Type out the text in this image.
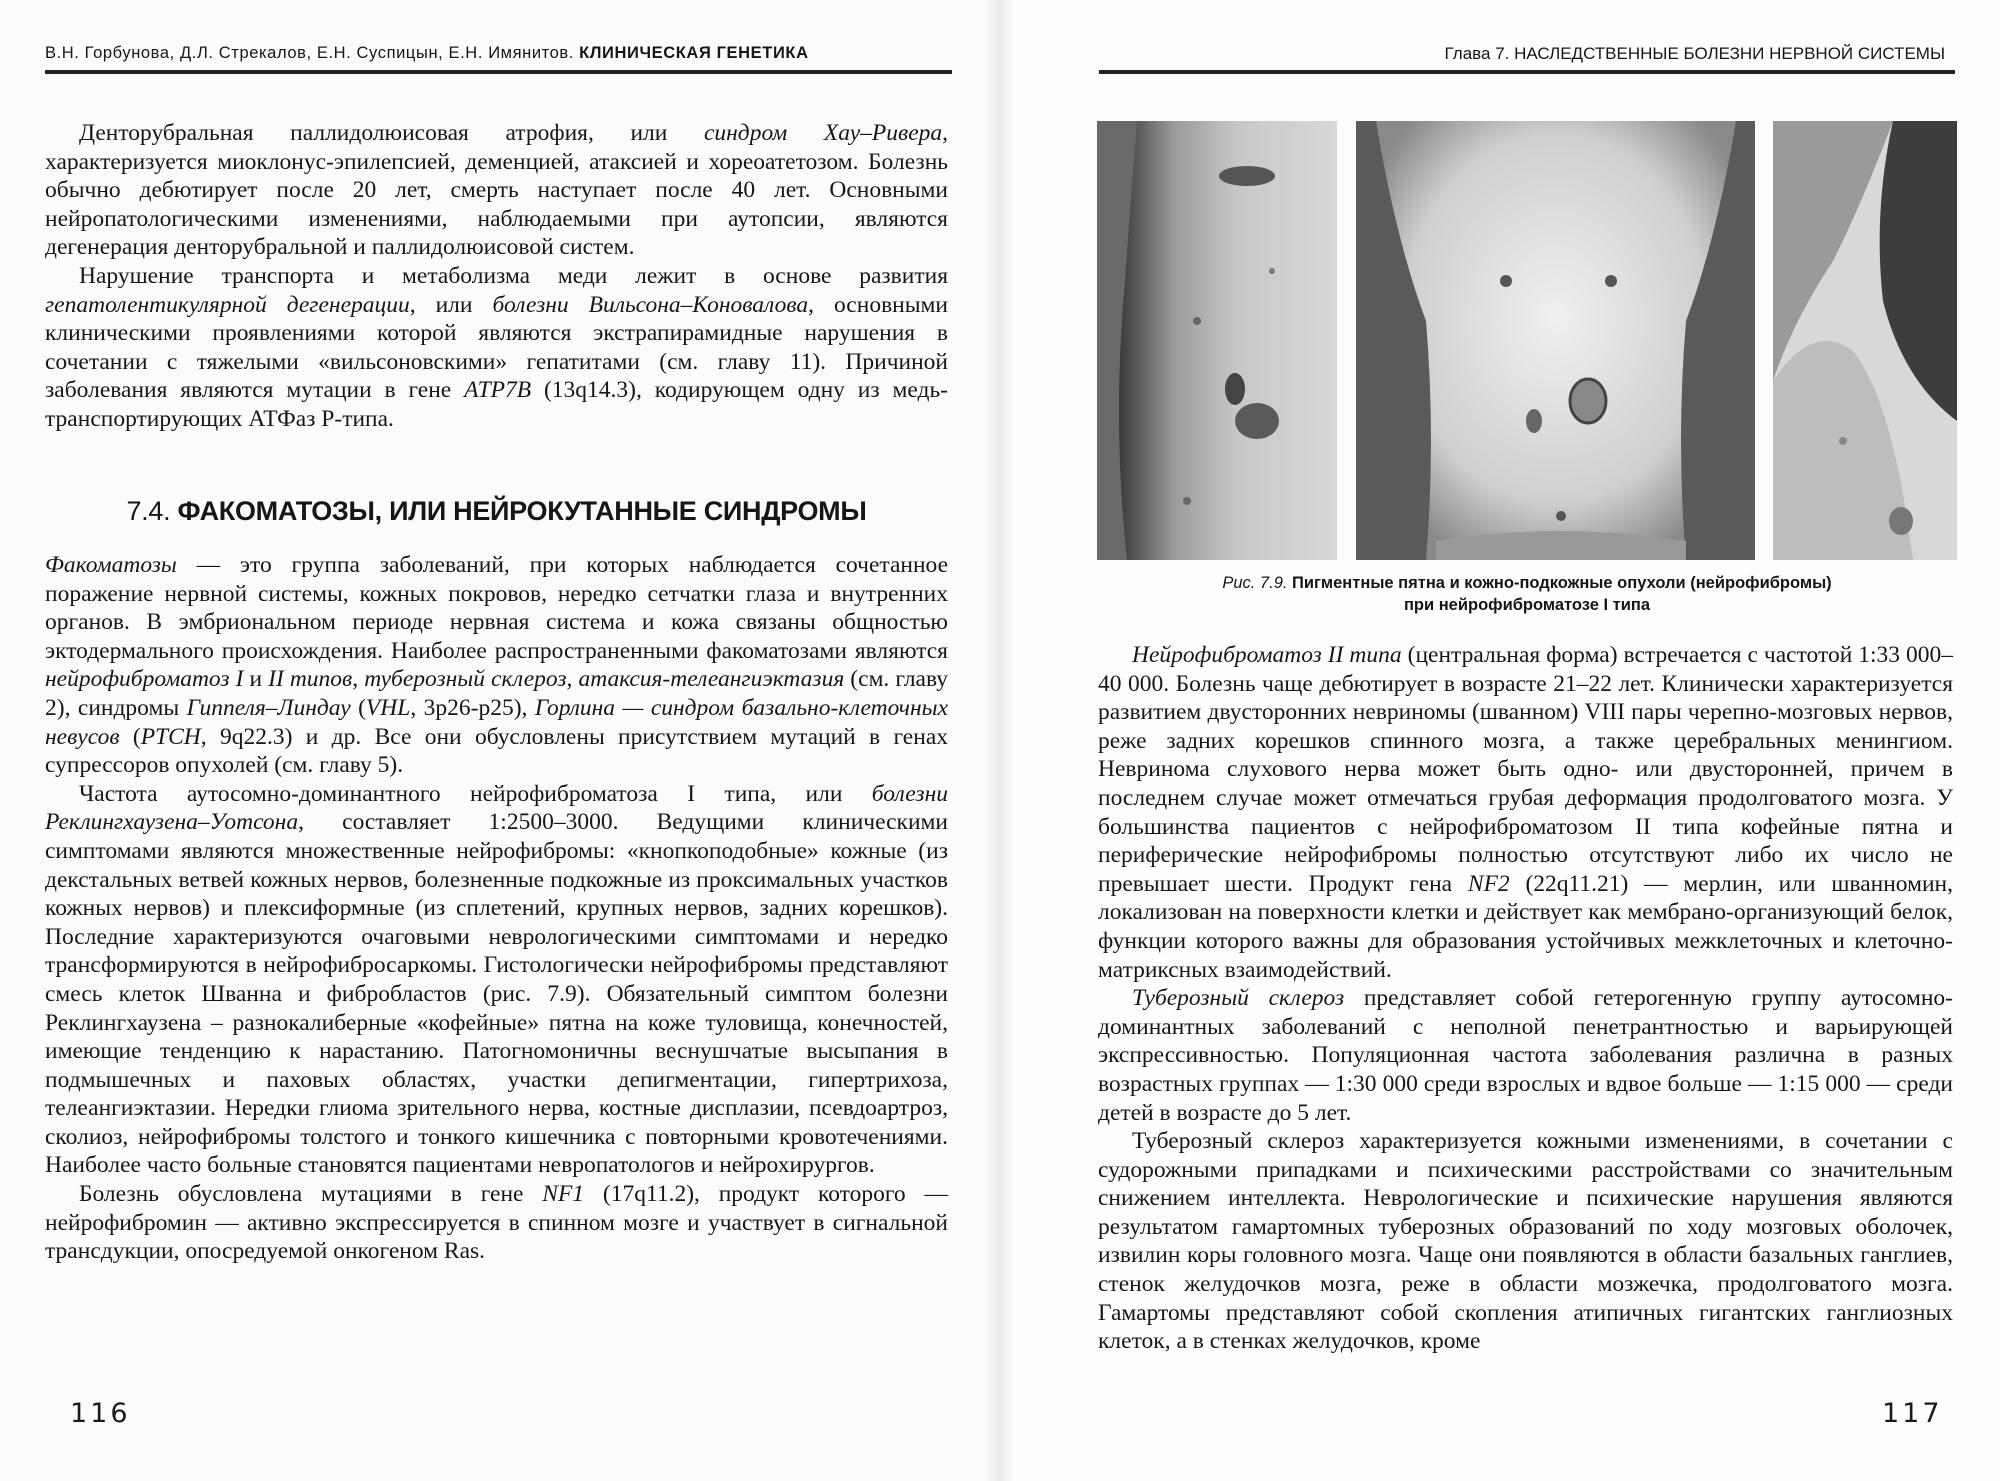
В.Н. Горбунова, Д.Л. Стрекалов, Е.Н. Суспицын, Е.Н. Имянитов. КЛИНИЧЕСКАЯ ГЕНЕТИКА

Денторубральная паллидолюисовая атрофия, или синдром Хау–Ривера, характеризуется миоклонус-эпилепсией, деменцией, атаксией и хореоатетозом. Болезнь обычно дебютирует после 20 лет, смерть наступает после 40 лет. Основными нейропатологическими изменениями, наблюдаемыми при аутопсии, являются дегенерация денторубральной и паллидолюисовой систем.

Нарушение транспорта и метаболизма меди лежит в основе развития гепатолентикулярной дегенерации, или болезни Вильсона–Коновалова, основными клиническими проявлениями которой являются экстрапирамидные нарушения в сочетании с тяжелыми «вильсоновскими» гепатитами (см. главу 11). Причиной заболевания являются мутации в гене ATP7B (13q14.3), кодирующем одну из медь-транспортирующих АТФаз Р-типа.

7.4. ФАКОМАТОЗЫ, ИЛИ НЕЙРОКУТАННЫЕ СИНДРОМЫ

Факоматозы — это группа заболеваний, при которых наблюдается сочетанное поражение нервной системы, кожных покровов, нередко сетчатки глаза и внутренних органов. В эмбриональном периоде нервная система и кожа связаны общностью эктодермального происхождения. Наиболее распространенными факоматозами являются нейрофиброматоз I и II типов, туберозный склероз, атаксия-телеангиэктазия (см. главу 2), синдромы Гиппеля–Линдау (VHL, 3р26-р25), Горлина — синдром базально-клеточных невусов (PTCH, 9q22.3) и др. Все они обусловлены присутствием мутаций в генах супрессоров опухолей (см. главу 5).

Частота аутосомно-доминантного нейрофиброматоза I типа, или болезни Реклингхаузена–Уотсона, составляет 1:2500–3000. Ведущими клиническими симптомами являются множественные нейрофибромы: «кнопкоподобные» кожные (из декстальных ветвей кожных нервов, болезненные подкожные из проксимальных участков кожных нервов) и плексиформные (из сплетений, крупных нервов, задних корешков). Последние характеризуются очаговыми неврологическими симптомами и нередко трансформируются в нейрофибросаркомы. Гистологически нейрофибромы представляют смесь клеток Шванна и фибробластов (рис. 7.9). Обязательный симптом болезни Реклингхаузена – разнокалиберные «кофейные» пятна на коже туловища, конечностей, имеющие тенденцию к нарастанию. Патогномоничны веснушчатые высыпания в подмышечных и паховых областях, участки депигментации, гипертрихоза, телеангиэктазии. Нередки глиома зрительного нерва, костные дисплазии, псевдоартроз, сколиоз, нейрофибромы толстого и тонкого кишечника с повторными кровотечениями. Наиболее часто больные становятся пациентами невропатологов и нейрохирургов.

Болезнь обусловлена мутациями в гене NF1 (17q11.2), продукт которого — нейрофибромин — активно экспрессируется в спинном мозге и участвует в сигнальной трансдукции, опосредуемой онкогеном Ras.

116
Глава 7. НАСЛЕДСТВЕННЫЕ БОЛЕЗНИ НЕРВНОЙ СИСТЕМЫ
Рис. 7.9. Пигментные пятна и кожно-подкожные опухоли (нейрофибромы)
при нейрофиброматозе I типа

Нейрофиброматоз II типа (центральная форма) встречается с частотой 1:33 000–40 000. Болезнь чаще дебютирует в возрасте 21–22 лет. Клинически характеризуется развитием двусторонних невриномы (шванном) VIII пары черепно-мозговых нервов, реже задних корешков спинного мозга, а также церебральных менингиом. Невринома слухового нерва может быть одно- или двусторонней, причем в последнем случае может отмечаться грубая деформация продолговатого мозга. У большинства пациентов с нейрофиброматозом II типа кофейные пятна и периферические нейрофибромы полностью отсутствуют либо их число не превышает шести. Продукт гена NF2 (22q11.21) — мерлин, или шванномин, локализован на поверхности клетки и действует как мембрано-организующий белок, функции которого важны для образования устойчивых межклеточных и клеточно-матриксных взаимодействий.

Туберозный склероз представляет собой гетерогенную группу аутосомно-доминантных заболеваний с неполной пенетрантностью и варьирующей экспрессивностью. Популяционная частота заболевания различна в разных возрастных группах — 1:30 000 среди взрослых и вдвое больше — 1:15 000 — среди детей в возрасте до 5 лет.

Туберозный склероз характеризуется кожными изменениями, в сочетании с судорожными припадками и психическими расстройствами со значительным снижением интеллекта. Неврологические и психические нарушения являются результатом гамартомных туберозных образований по ходу мозговых оболочек, извилин коры головного мозга. Чаще они появляются в области базальных ганглиев, стенок желудочков мозга, реже в области мозжечка, продолговатого мозга. Гамартомы представляют собой скопления атипичных гигантских ганглиозных клеток, а в стенках желудочков, кроме

117
